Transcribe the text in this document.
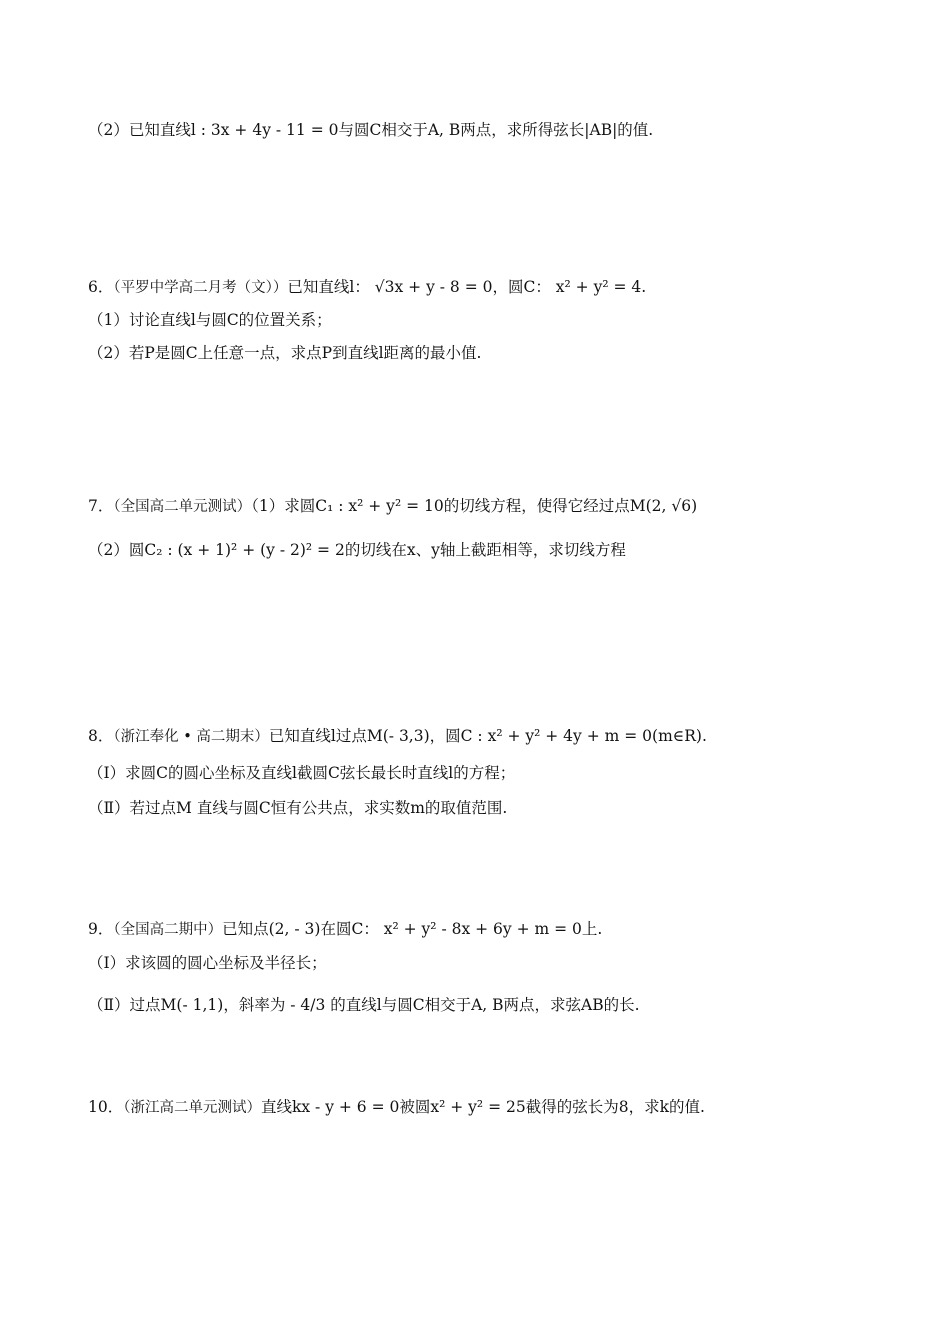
（2）已知直线l : 3x + 4y - 11 = 0与圆C相交于A, B两点，求所得弦长|AB|的值.
6．（平罗中学高二月考（文））已知直线l： √3x + y - 8 = 0，圆C： x² + y² = 4.
（1）讨论直线l与圆C的位置关系；
（2）若P是圆C上任意一点，求点P到直线l距离的最小值.
7．（全国高二单元测试）（1）求圆C₁ : x² + y² = 10的切线方程，使得它经过点M(2, √6)
（2）圆C₂ : (x + 1)² + (y - 2)² = 2的切线在x、y轴上截距相等，求切线方程
8．（浙江奉化 • 高二期末）已知直线l过点M(- 3,3)，圆C : x² + y² + 4y + m = 0(m∈R).
（Ⅰ）求圆C的圆心坐标及直线l截圆C弦长最长时直线l的方程；
（Ⅱ）若过点M 直线与圆C恒有公共点，求实数m的取值范围.
9．（全国高二期中）已知点(2, - 3)在圆C： x² + y² - 8x + 6y + m = 0上.
（Ⅰ）求该圆的圆心坐标及半径长；
（Ⅱ）过点M(- 1,1)，斜率为 - 4/3 的直线l与圆C相交于A, B两点，求弦AB的长.
10．（浙江高二单元测试）直线kx - y + 6 = 0被圆x² + y² = 25截得的弦长为8，求k的值.
